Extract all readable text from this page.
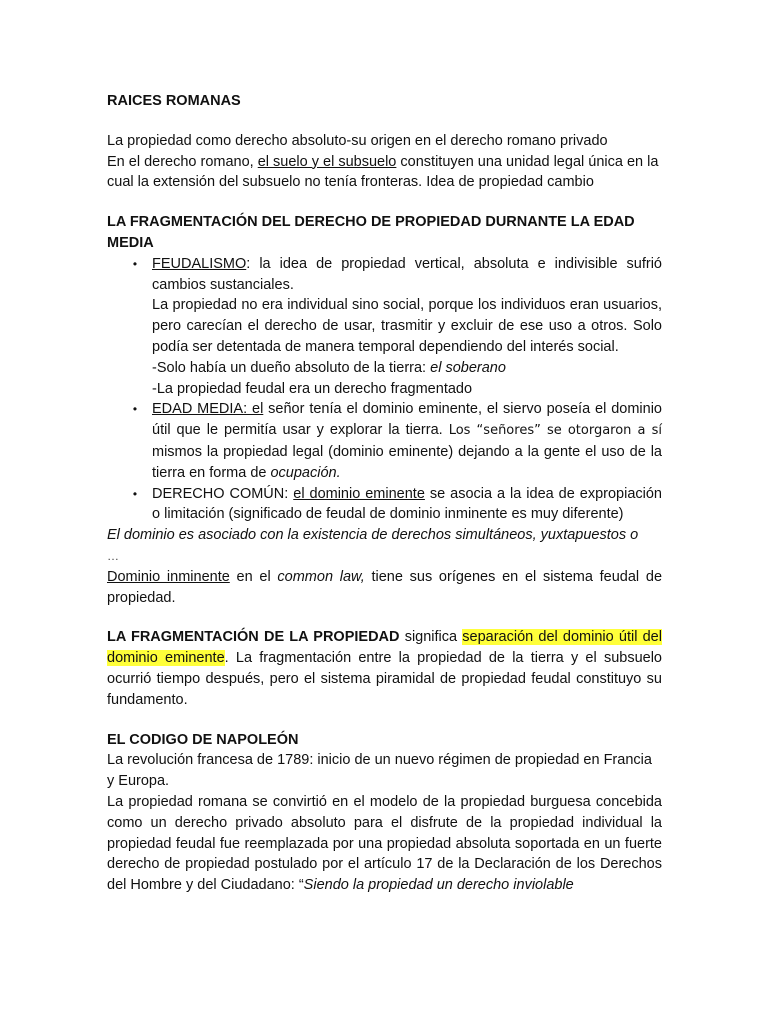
RAICES ROMANAS

La propiedad como derecho absoluto-su origen en el derecho romano privado

En el derecho romano, el suelo y el subsuelo constituyen una unidad legal única en la cual la extensión del subsuelo no tenía fronteras. Idea de propiedad cambio

LA FRAGMENTACIÓN DEL DERECHO DE PROPIEDAD DURNANTE LA EDAD MEDIA

• FEUDALISMO: la idea de propiedad vertical, absoluta e indivisible sufrió cambios sustanciales.

La propiedad no era individual sino social, porque los individuos eran usuarios, pero carecían el derecho de usar, trasmitir y excluir de ese uso a otros. Solo podía ser detentada de manera temporal dependiendo del interés social.

-Solo había un dueño absoluto de la tierra: el soberano

-La propiedad feudal era un derecho fragmentado

• EDAD MEDIA: el señor tenía el dominio eminente, el siervo poseía el dominio útil que le permitía usar y explorar la tierra. Los “señores” se otorgaron a sí mismos la propiedad legal (dominio eminente) dejando a la gente el uso de la tierra en forma de ocupación.

• DERECHO COMÚN: el dominio eminente se asocia a la idea de expropiación o limitación (significado de feudal de dominio inminente es muy diferente)

El dominio es asociado con la existencia de derechos simultáneos, yuxtapuestos o

…

Dominio inminente en el common law, tiene sus orígenes en el sistema feudal de propiedad.

LA FRAGMENTACIÓN DE LA PROPIEDAD significa separación del dominio útil del dominio eminente. La fragmentación entre la propiedad de la tierra y el subsuelo ocurrió tiempo después, pero el sistema piramidal de propiedad feudal constituyo su fundamento.

EL CODIGO DE NAPOLEÓN

La revolución francesa de 1789: inicio de un nuevo régimen de propiedad en Francia y Europa.

La propiedad romana se convirtió en el modelo de la propiedad burguesa concebida como un derecho privado absoluto para el disfrute de la propiedad individual la propiedad feudal fue reemplazada por una propiedad absoluta soportada en un fuerte derecho de propiedad postulado por el artículo 17 de la Declaración de los Derechos del Hombre y del Ciudadano: “Siendo la propiedad un derecho inviolable
